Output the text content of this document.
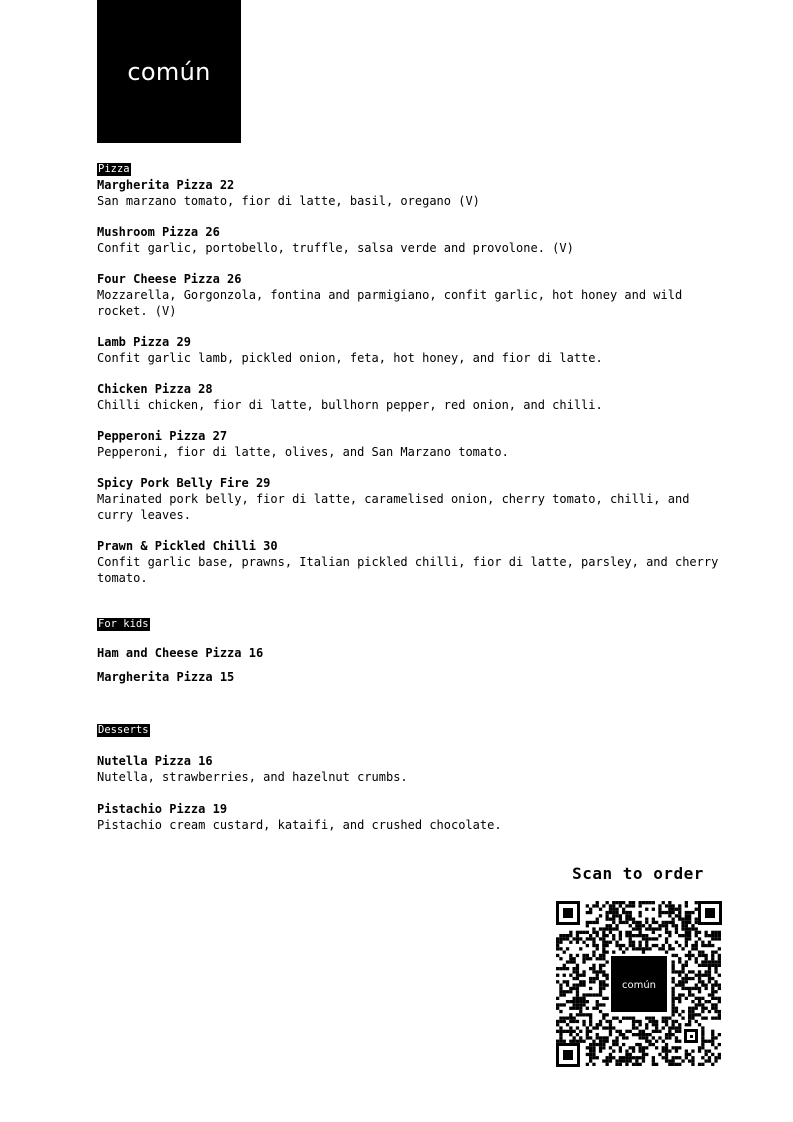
común
Pizza
Margherita Pizza 22
San marzano tomato, fior di latte, basil, oregano (V)
Mushroom Pizza 26
Confit garlic, portobello, truffle, salsa verde and provolone. (V)
Four Cheese Pizza 26
Mozzarella, Gorgonzola, fontina and parmigiano, confit garlic, hot honey and wild rocket. (V)
Lamb Pizza 29
Confit garlic lamb, pickled onion, feta, hot honey, and fior di latte.
Chicken Pizza 28
Chilli chicken, fior di latte, bullhorn pepper, red onion, and chilli.
Pepperoni Pizza 27
Pepperoni, fior di latte, olives, and San Marzano tomato.
Spicy Pork Belly Fire 29
Marinated pork belly, fior di latte, caramelised onion, cherry tomato, chilli, and curry leaves.
Prawn & Pickled Chilli 30
Confit garlic base, prawns, Italian pickled chilli, fior di latte, parsley, and cherry tomato.
For kids
Ham and Cheese Pizza 16
Margherita Pizza 15
Desserts
Nutella Pizza 16
Nutella, strawberries, and hazelnut crumbs.
Pistachio Pizza 19
Pistachio cream custard, kataifi, and crushed chocolate.
Scan to order
común
